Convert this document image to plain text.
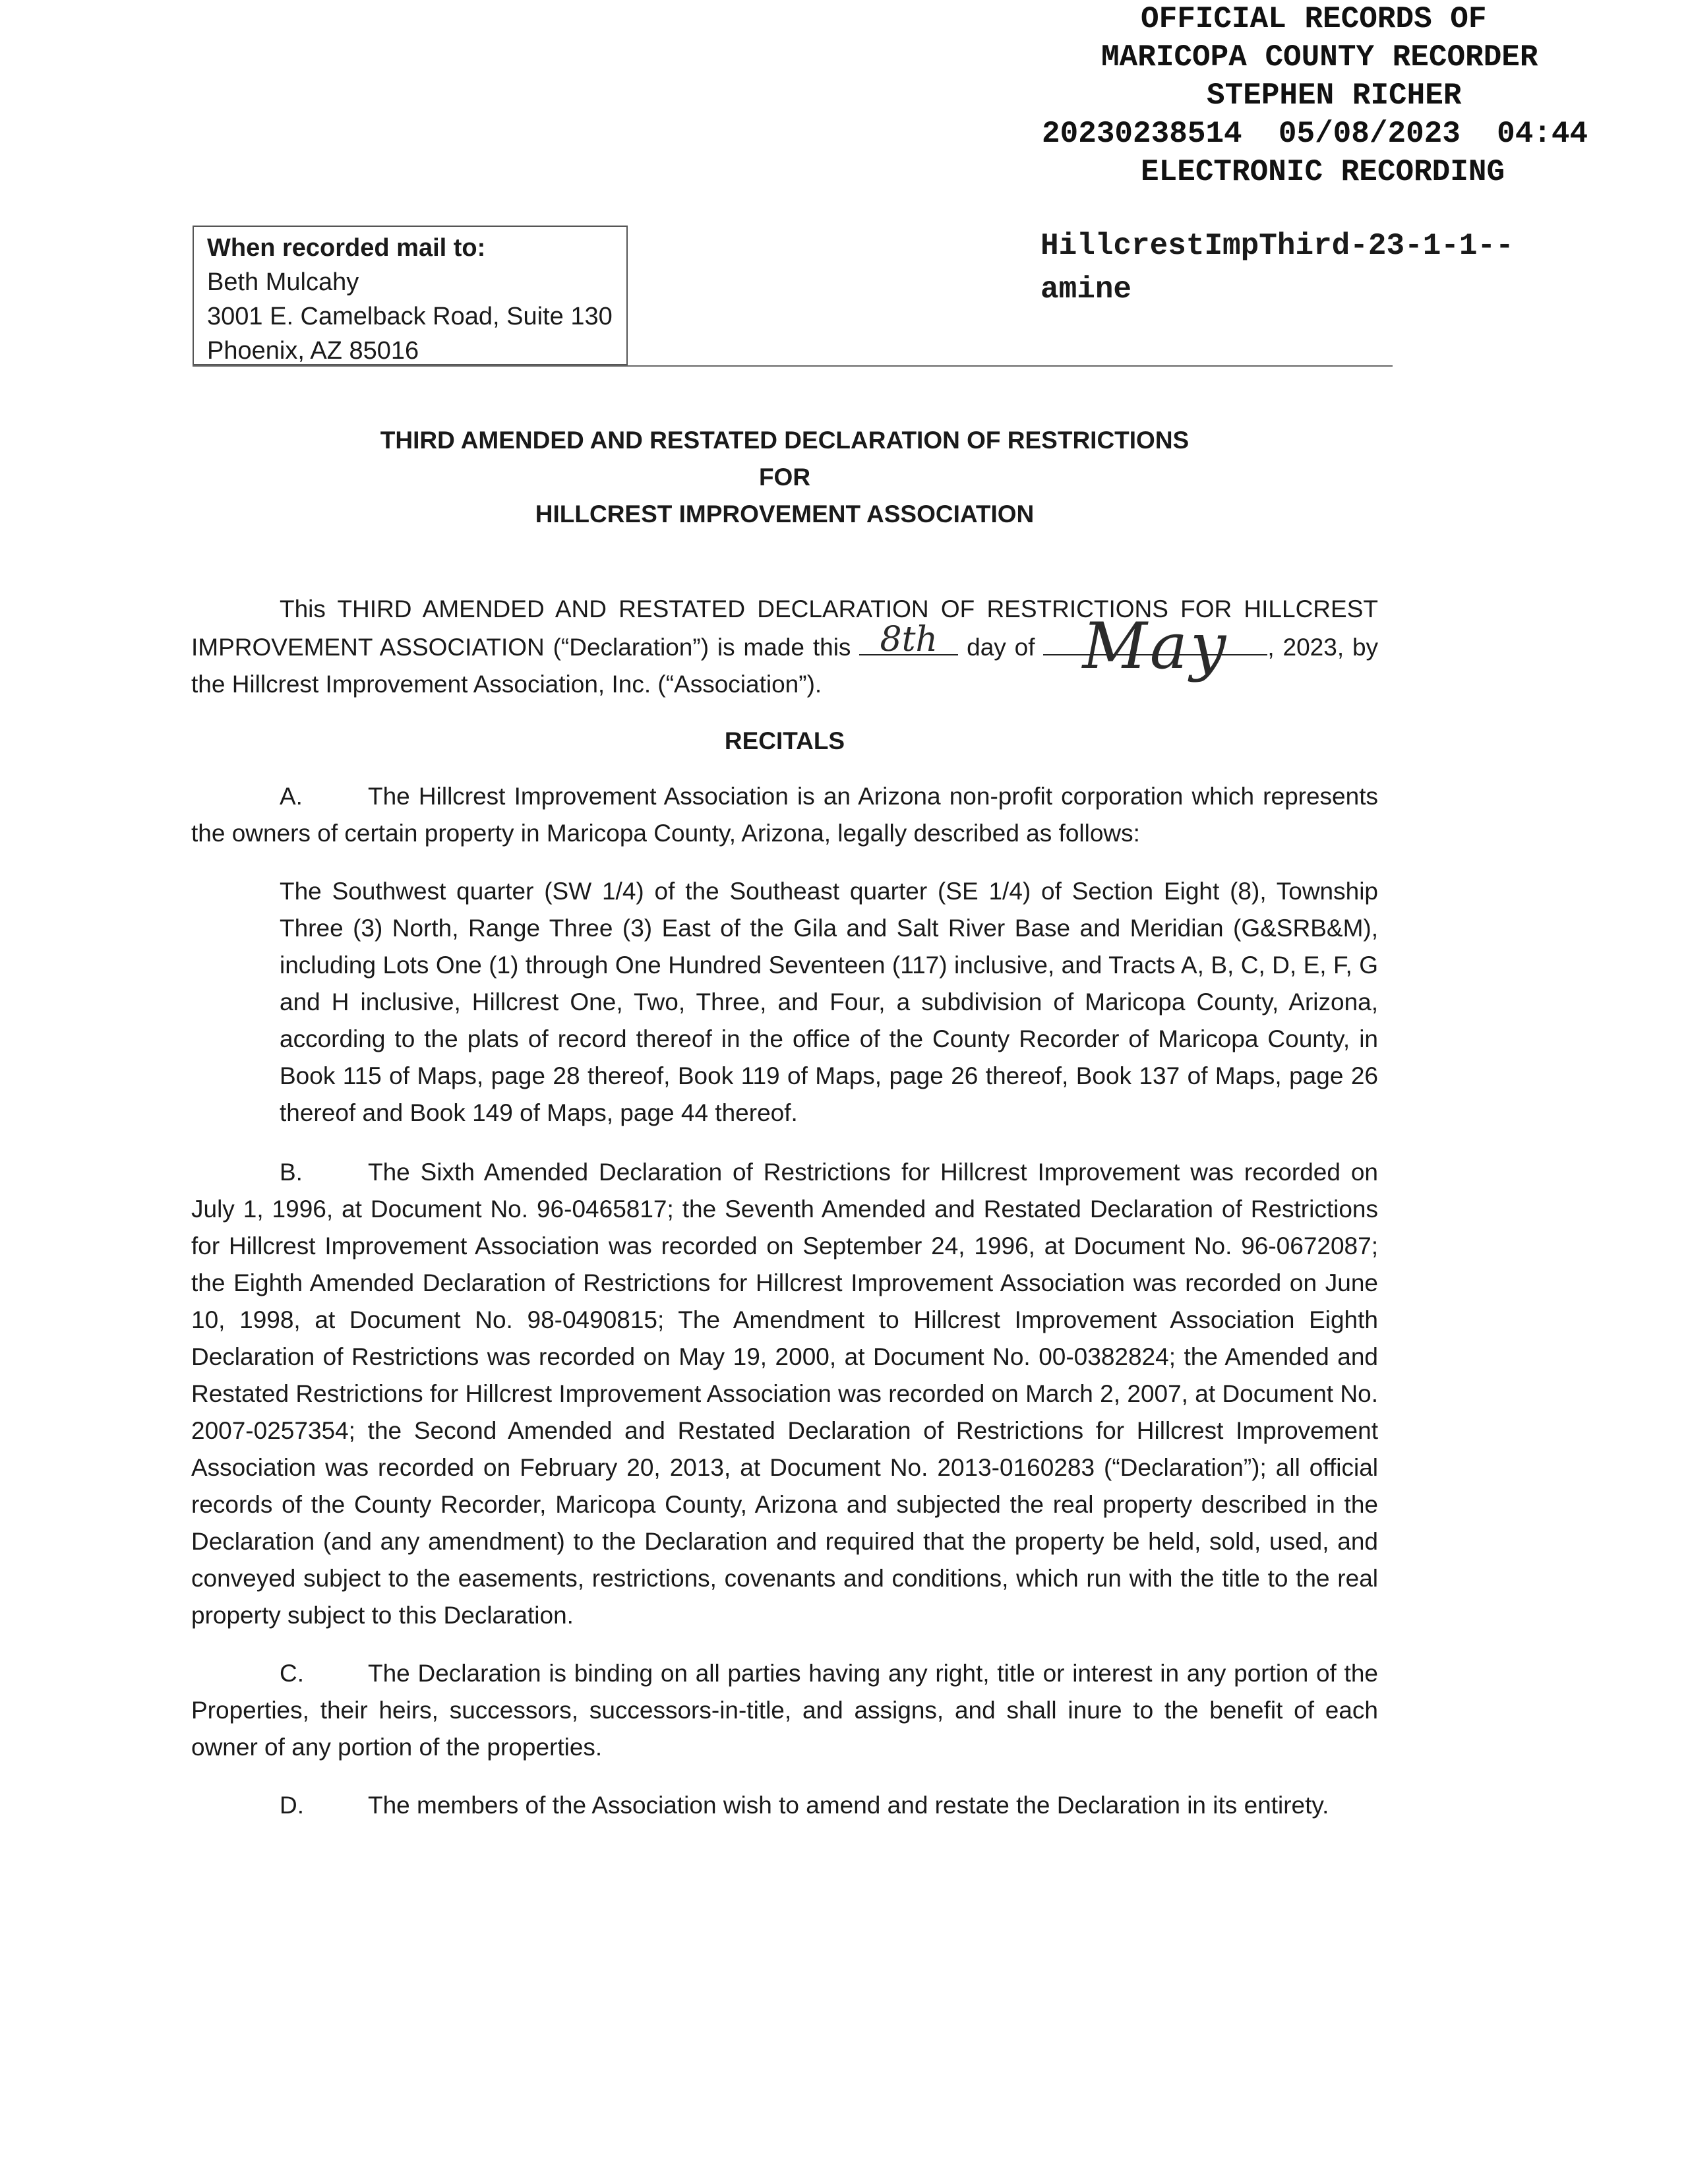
OFFICIAL RECORDS OF
MARICOPA COUNTY RECORDER
STEPHEN RICHER
20230238514  05/08/2023  04:44
ELECTRONIC RECORDING
When recorded mail to:
Beth Mulcahy
3001 E. Camelback Road, Suite 130
Phoenix, AZ 85016
HillcrestImpThird-23-1-1--
amine
THIRD AMENDED AND RESTATED DECLARATION OF RESTRICTIONS
FOR
HILLCREST IMPROVEMENT ASSOCIATION
This THIRD AMENDED AND RESTATED DECLARATION OF RESTRICTIONS FOR HILLCREST IMPROVEMENT ASSOCIATION (“Declaration”) is made this 8th	day of May	, 2023, by the Hillcrest Improvement Association, Inc. (“Association”).
RECITALS
A.	The Hillcrest Improvement Association is an Arizona non-profit corporation which represents the owners of certain property in Maricopa County, Arizona, legally described as follows:
The Southwest quarter (SW 1/4) of the Southeast quarter (SE 1/4) of Section Eight (8), Township Three (3) North, Range Three (3) East of the Gila and Salt River Base and Meridian (G&SRB&M), including Lots One (1) through One Hundred Seventeen (117) inclusive, and Tracts A, B, C, D, E, F, G and H inclusive, Hillcrest One, Two, Three, and Four, a subdivision of Maricopa County, Arizona, according to the plats of record thereof in the office of the County Recorder of Maricopa County, in Book 115 of Maps, page 28 thereof, Book 119 of Maps, page 26 thereof, Book 137 of Maps, page 26 thereof and Book 149 of Maps, page 44 thereof.
B.	The Sixth Amended Declaration of Restrictions for Hillcrest Improvement was recorded on July 1, 1996, at Document No. 96-0465817; the Seventh Amended and Restated Declaration of Restrictions for Hillcrest Improvement Association was recorded on September 24, 1996, at Document No. 96-0672087; the Eighth Amended Declaration of Restrictions for Hillcrest Improvement Association was recorded on June 10, 1998, at Document No. 98-0490815; The Amendment to Hillcrest Improvement Association Eighth Declaration of Restrictions was recorded on May 19, 2000, at Document No. 00-0382824; the Amended and Restated Restrictions for Hillcrest Improvement Association was recorded on March 2, 2007, at Document No. 2007-0257354; the Second Amended and Restated Declaration of Restrictions for Hillcrest Improvement Association was recorded on February 20, 2013, at Document No. 2013-0160283 (“Declaration”); all official records of the County Recorder, Maricopa County, Arizona and subjected the real property described in the Declaration (and any amendment) to the Declaration and required that the property be held, sold, used, and conveyed subject to the easements, restrictions, covenants and conditions, which run with the title to the real property subject to this Declaration.
C.	The Declaration is binding on all parties having any right, title or interest in any portion of the Properties, their heirs, successors, successors-in-title, and assigns, and shall inure to the benefit of each owner of any portion of the properties.
D.	The members of the Association wish to amend and restate the Declaration in its entirety.
